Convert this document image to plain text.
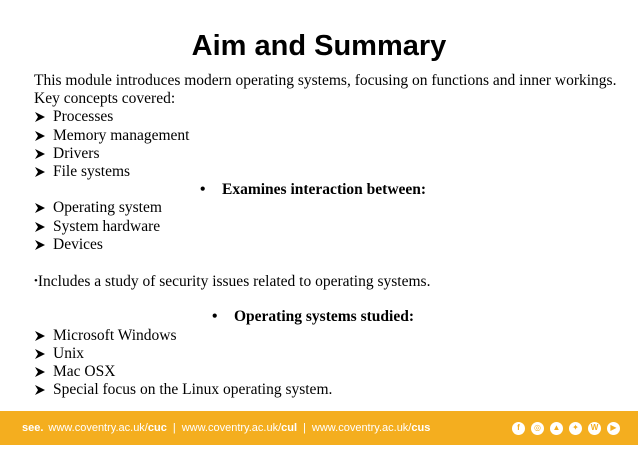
Aim and Summary
This module introduces modern operating systems, focusing on functions and inner workings.
Key concepts covered:
Processes
Memory management
Drivers
File systems
• Examines interaction between:
Operating system
System hardware
Devices
•Includes a study of security issues related to operating systems.
• Operating systems studied:
Microsoft Windows
Unix
Mac OSX
Special focus on the Linux operating system.
see. www.coventry.ac.uk/cuc | www.coventry.ac.uk/cul | www.coventry.ac.uk/cus	f	◎	▲	✦	W	▶
